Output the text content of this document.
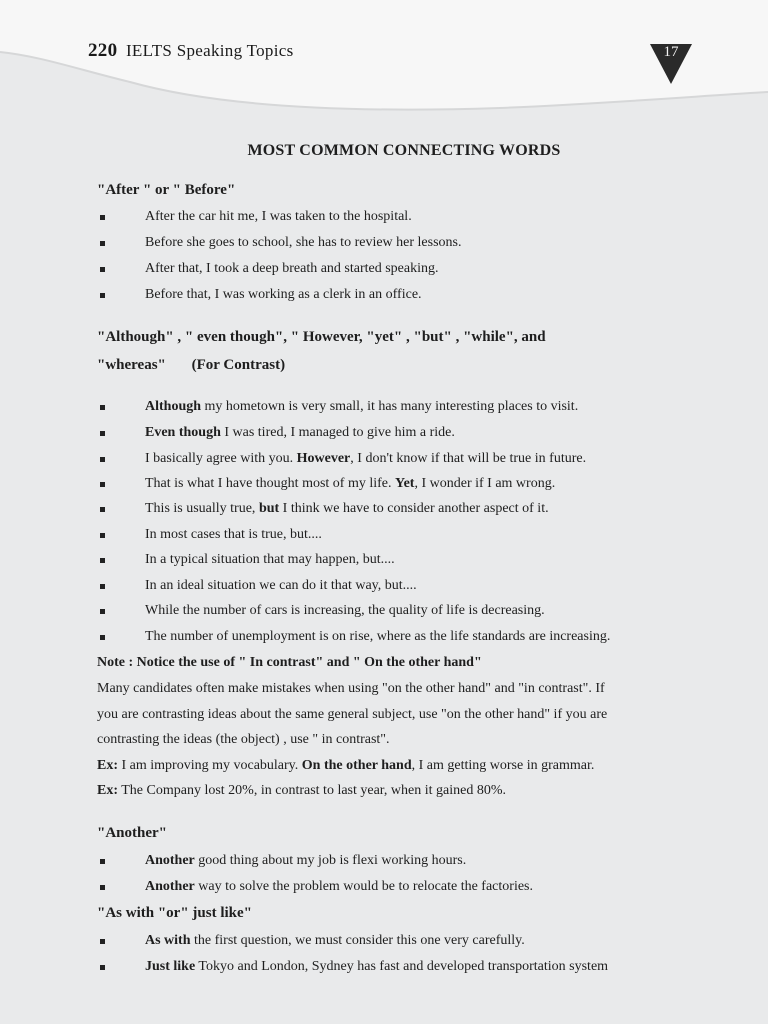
220 IELTS Speaking Topics	17
MOST COMMON CONNECTING WORDS
"After " or " Before"
After the car hit me, I was taken to the hospital.
Before she goes to school, she has to review her lessons.
After that, I took a deep breath and started speaking.
Before that, I was working as a clerk in an office.
"Although" , " even though", " However, "yet" , "but" , "while", and
"whereas" (For Contrast)
Although my hometown is very small, it has many interesting places to visit.
Even though I was tired, I managed to give him a ride.
I basically agree with you. However, I don't know if that will be true in future.
That is what I have thought most of my life. Yet, I wonder if I am wrong.
This is usually true, but I think we have to consider another aspect of it.
In most cases that is true, but....
In a typical situation that may happen, but....
In an ideal situation we can do it that way, but....
While the number of cars is increasing, the quality of life is decreasing.
The number of unemployment is on rise, where as the life standards are increasing.
Note : Notice the use of " In contrast" and " On the other hand"
Many candidates often make mistakes when using "on the other hand" and "in contrast". If
you are contrasting ideas about the same general subject, use "on the other hand" if you are
contrasting the ideas (the object) , use " in contrast".
Ex: I am improving my vocabulary. On the other hand, I am getting worse in grammar.
Ex: The Company lost 20%, in contrast to last year, when it gained 80%.
"Another"
Another good thing about my job is flexi working hours.
Another way to solve the problem would be to relocate the factories.
"As with "or" just like"
As with the first question, we must consider this one very carefully.
Just like Tokyo and London, Sydney has fast and developed transportation system
